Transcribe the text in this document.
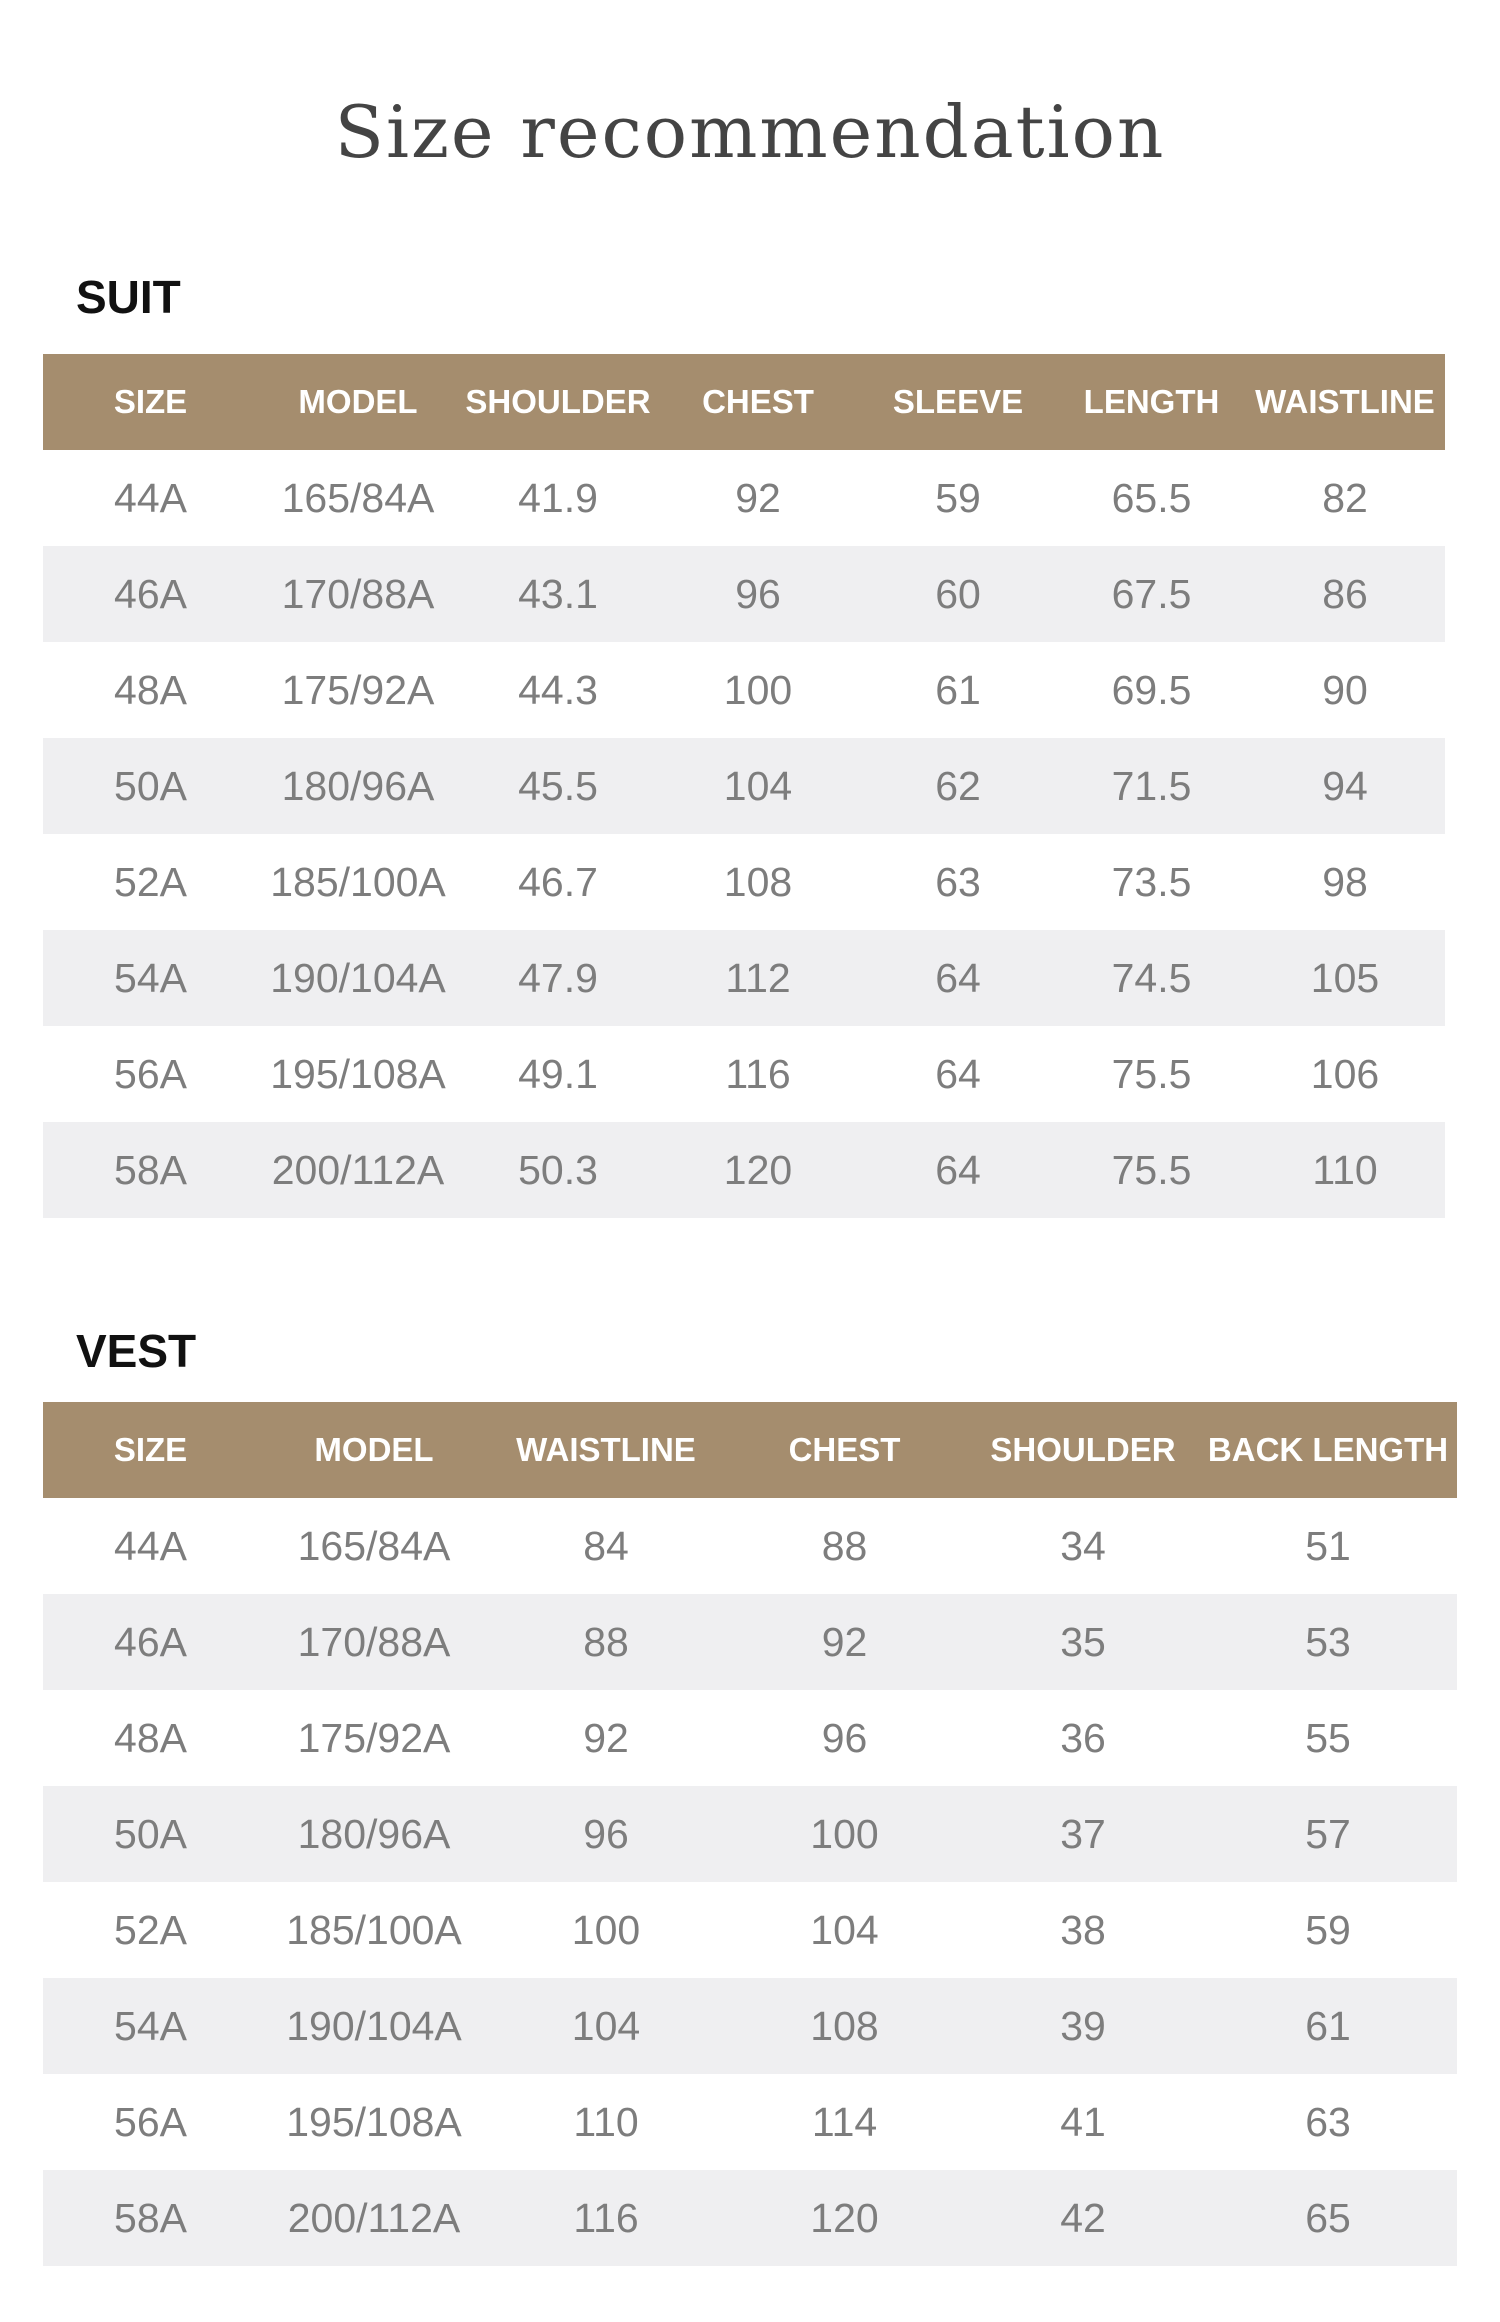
Size recommendation
SUIT
SIZE	MODEL	SHOULDER	CHEST	SLEEVE	LENGTH	WAISTLINE
44A	165/84A	41.9	92	59	65.5	82
46A	170/88A	43.1	96	60	67.5	86
48A	175/92A	44.3	100	61	69.5	90
50A	180/96A	45.5	104	62	71.5	94
52A	185/100A	46.7	108	63	73.5	98
54A	190/104A	47.9	112	64	74.5	105
56A	195/108A	49.1	116	64	75.5	106
58A	200/112A	50.3	120	64	75.5	110
VEST
SIZE	MODEL	WAISTLINE	CHEST	SHOULDER	BACK LENGTH
44A	165/84A	84	88	34	51
46A	170/88A	88	92	35	53
48A	175/92A	92	96	36	55
50A	180/96A	96	100	37	57
52A	185/100A	100	104	38	59
54A	190/104A	104	108	39	61
56A	195/108A	110	114	41	63
58A	200/112A	116	120	42	65
